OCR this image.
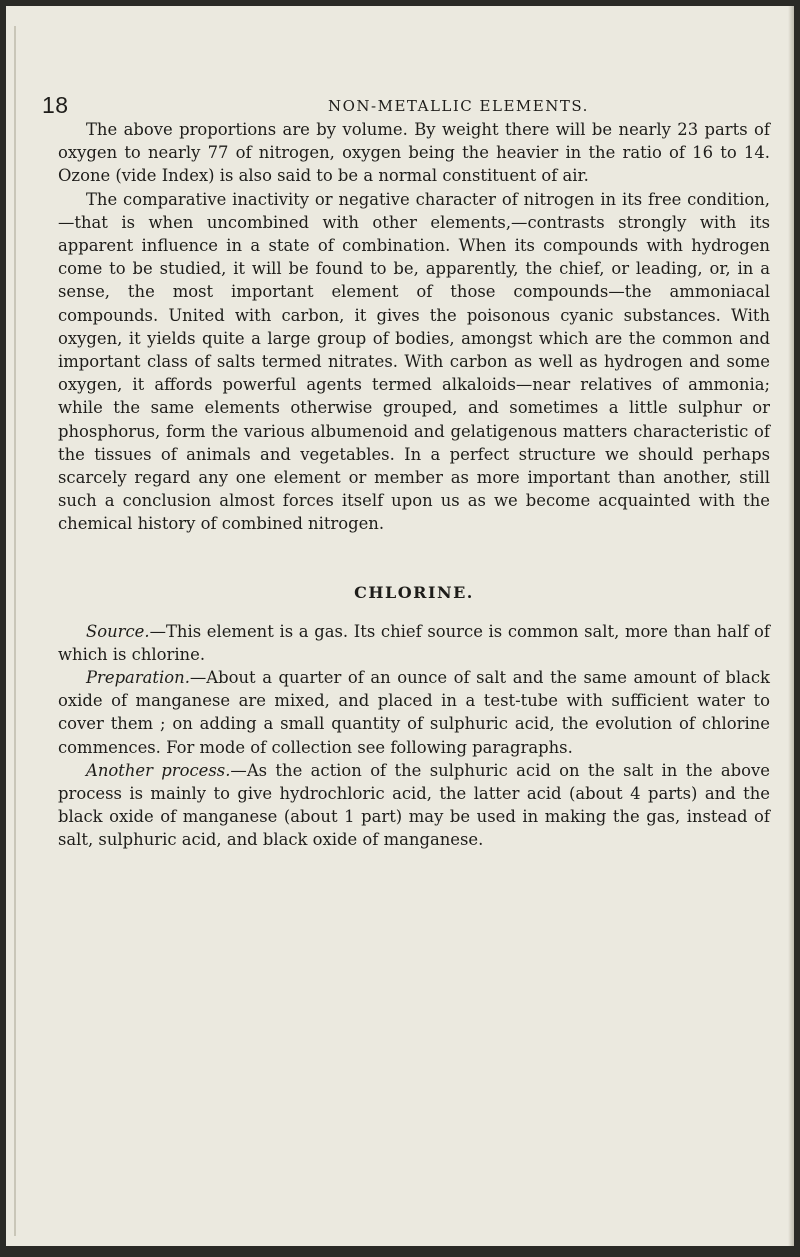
18	NON-METALLIC ELEMENTS.

The above proportions are by volume. By weight there will be nearly 23 parts of oxygen to nearly 77 of nitrogen, oxygen being the heavier in the ratio of 16 to 14. Ozone (vide Index) is also said to be a normal constituent of air.

The comparative inactivity or negative character of nitrogen in its free condition,—that is when uncombined with other elements,—contrasts strongly with its apparent influence in a state of combination. When its compounds with hydrogen come to be studied, it will be found to be, apparently, the chief, or leading, or, in a sense, the most important element of those compounds—the ammoniacal compounds. United with carbon, it gives the poisonous cyanic substances. With oxygen, it yields quite a large group of bodies, amongst which are the common and important class of salts termed nitrates. With carbon as well as hydrogen and some oxygen, it affords powerful agents termed alkaloids—near relatives of ammonia; while the same elements otherwise grouped, and sometimes a little sulphur or phosphorus, form the various albumenoid and gelatigenous matters characteristic of the tissues of animals and vegetables. In a perfect structure we should perhaps scarcely regard any one element or member as more important than another, still such a conclusion almost forces itself upon us as we become acquainted with the chemical history of combined nitrogen.

CHLORINE.

Source.—This element is a gas. Its chief source is common salt, more than half of which is chlorine.

Preparation.—About a quarter of an ounce of salt and the same amount of black oxide of manganese are mixed, and placed in a test-tube with sufficient water to cover them ; on adding a small quantity of sulphuric acid, the evolution of chlorine commences. For mode of collection see following paragraphs.

Another process.—As the action of the sulphuric acid on the salt in the above process is mainly to give hydrochloric acid, the latter acid (about 4 parts) and the black oxide of manganese (about 1 part) may be used in making the gas, instead of salt, sulphuric acid, and black oxide of manganese.
